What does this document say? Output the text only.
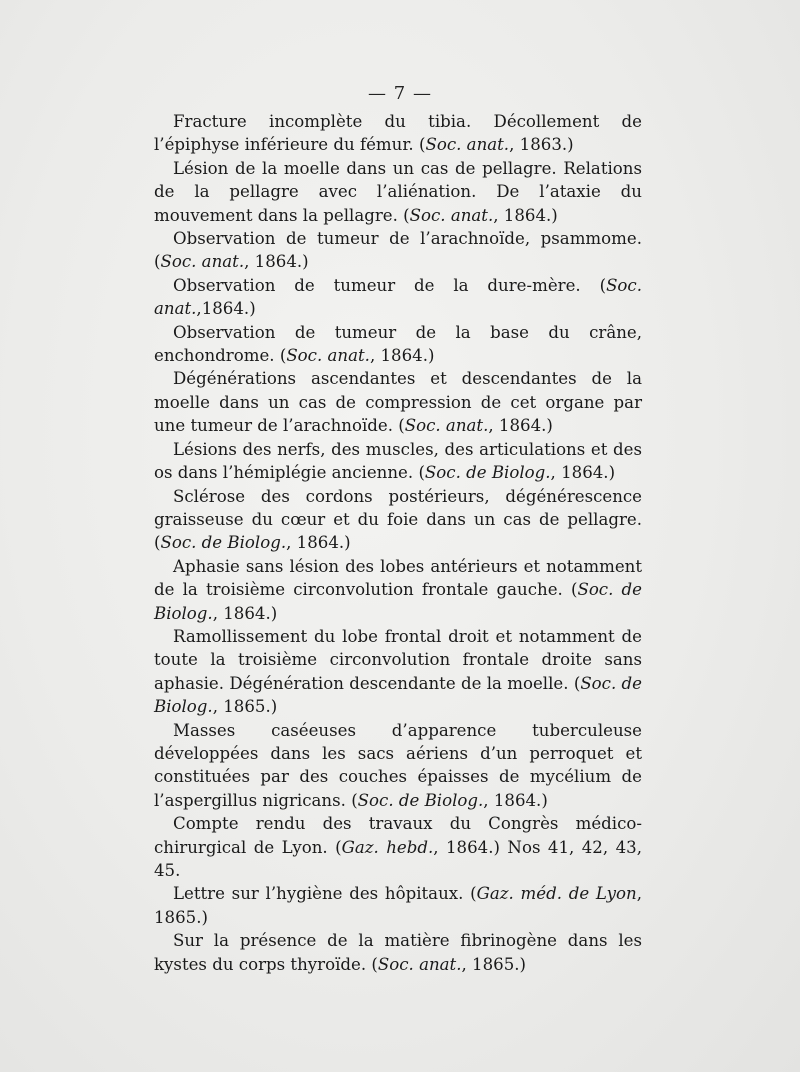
— 7 —

Fracture incomplète du tibia. Décollement de l’épiphyse inférieure du fémur. (Soc. anat., 1863.)

Lésion de la moelle dans un cas de pellagre. Relations de la pellagre avec l’aliénation. De l’ataxie du mouvement dans la pellagre. (Soc. anat., 1864.)

Observation de tumeur de l’arachnoïde, psammome. (Soc. anat., 1864.)

Observation de tumeur de la dure-mère. (Soc. anat.,1864.)

Observation de tumeur de la base du crâne, enchondrome. (Soc. anat., 1864.)

Dégénérations ascendantes et descendantes de la moelle dans un cas de compression de cet organe par une tumeur de l’arachnoïde. (Soc. anat., 1864.)

Lésions des nerfs, des muscles, des articulations et des os dans l’hémiplégie ancienne. (Soc. de Biolog., 1864.)

Sclérose des cordons postérieurs, dégénérescence graisseuse du cœur et du foie dans un cas de pellagre. (Soc. de Biolog., 1864.)

Aphasie sans lésion des lobes antérieurs et notamment de la troisième circonvolution frontale gauche. (Soc. de Biolog., 1864.)

Ramollissement du lobe frontal droit et notamment de toute la troisième circonvolution frontale droite sans aphasie. Dégénération descendante de la moelle. (Soc. de Biolog., 1865.)

Masses caséeuses d’apparence tuberculeuse développées dans les sacs aériens d’un perroquet et constituées par des couches épaisses de mycélium de l’aspergillus nigricans. (Soc. de Biolog., 1864.)

Compte rendu des travaux du Congrès médico-chirurgical de Lyon. (Gaz. hebd., 1864.) Nos 41, 42, 43, 45.

Lettre sur l’hygiène des hôpitaux. (Gaz. méd. de Lyon, 1865.)

Sur la présence de la matière fibrinogène dans les kystes du corps thyroïde. (Soc. anat., 1865.)
